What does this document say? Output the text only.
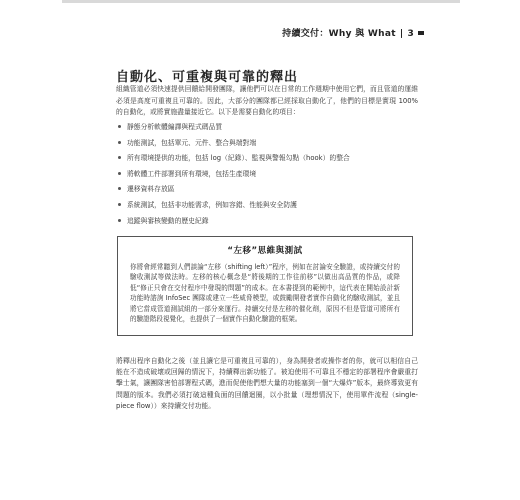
持續交付：Why 與 What | 3
自動化、可重複與可靠的釋出

組織管道必須快速提供回饋給開發團隊，讓他們可以在日常的工作週期中使用它們，而且管道的運維必須是高度可重複且可靠的。因此，大部分的團隊都已經採取自動化了，他們的目標是實現 100% 的自動化，或將實施盡量接近它。以下是需要自動化的項目：

靜態分析軟體編譯與程式碼品質
功能測試，包括單元、元件、整合與端對端
所有環境提供的功能，包括 log（紀錄）、監視與警報勾點（hook）的整合
將軟體工件部署到所有環境，包括生產環境
遷移資料存放區
系統測試，包括非功能需求，例如容錯、性能與安全防護
追蹤與審核變動的歷史紀錄
“左移”思維與測試

你將會經常聽到人們談論“左移（shifting left）”程序，例如在討論安全驗證，或持續交付的驗收測試等做法時。左移的核心概念是“將後期的工作往前移”以做出高品質的作品，或降低“修正只會在交付程序中發現的問題”的成本。在本書提到的範例中，這代表在開始設計新功能時諮詢 InfoSec 團隊或建立一些威脅模型，或鼓勵開發者實作自動化的驗收測試，並且將它當成管道測試組的一部分來運行。持續交付是左移的催化劑，原因不但是管道可將所有的驗證階段視覺化，也提供了一個實作自動化驗證的框架。

將釋出程序自動化之後（並且讓它是可重複且可靠的），身為開發者或操作者的你，就可以相信自己能在不造成破壞或回歸的情況下，持續釋出新功能了。被迫使用不可靠且不穩定的部署程序會嚴重打擊士氣，讓團隊害怕部署程式碼，進而促使他們想大量的功能塞到一個“大爆炸”版本，最終導致更有問題的版本。我們必須打破這種負面的回饋迴圈，以小批量（理想情況下，使用單件流程（single-piece flow））來持續交付功能。
